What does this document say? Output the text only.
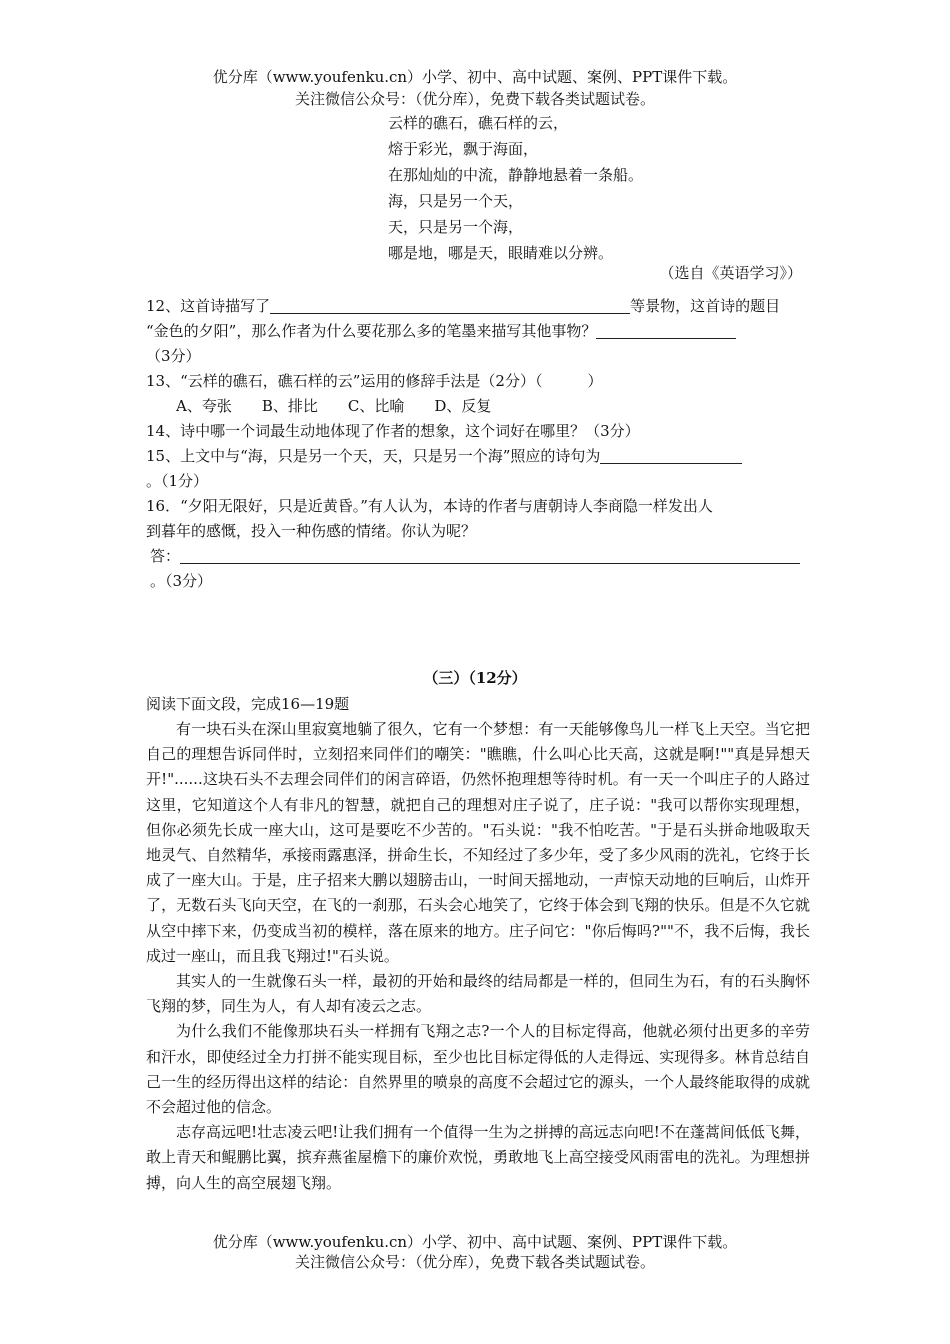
优分库（www.youfenku.cn）小学、初中、高中试题、案例、PPT课件下载。
关注微信公众号：（优分库），免费下载各类试题试卷。
云样的礁石，礁石样的云，
熔于彩光，飘于海面，
在那灿灿的中流，静静地悬着一条船。
海，只是另一个天，
天，只是另一个海，
哪是地，哪是天，眼睛难以分辨。
（选自《英语学习》）
12、这首诗描写了	等景物，这首诗的题目
“金色的夕阳”，那么作者为什么要花那么多的笔墨来描写其他事物？
（3分）
13、“云样的礁石，礁石样的云”运用的修辞手法是（2分）（　　　）
A、夸张　　B、排比　　C、比喻　　D、反复
14、诗中哪一个词最生动地体现了作者的想象，这个词好在哪里？（3分）
15、上文中与“海，只是另一个天，天，只是另一个海”照应的诗句为
。（1分）
16．“夕阳无限好，只是近黄昏。”有人认为，本诗的作者与唐朝诗人李商隐一样发出人
到暮年的感慨，投入一种伤感的情绪。你认为呢？
答：
。（3分）
（三）（12分）
阅读下面文段，完成16—19题

有一块石头在深山里寂寞地躺了很久，它有一个梦想：有一天能够像鸟儿一样飞上天空。当它把自己的理想告诉同伴时，立刻招来同伴们的嘲笑："瞧瞧，什么叫心比天高，这就是啊!""真是异想天开!"......这块石头不去理会同伴们的闲言碎语，仍然怀抱理想等待时机。有一天一个叫庄子的人路过这里，它知道这个人有非凡的智慧，就把自己的理想对庄子说了，庄子说："我可以帮你实现理想，但你必须先长成一座大山，这可是要吃不少苦的。"石头说："我不怕吃苦。"于是石头拼命地吸取天地灵气、自然精华，承接雨露惠泽，拼命生长，不知经过了多少年，受了多少风雨的洗礼，它终于长成了一座大山。于是，庄子招来大鹏以翅膀击山，一时间天摇地动，一声惊天动地的巨响后，山炸开了，无数石头飞向天空，在飞的一刹那，石头会心地笑了，它终于体会到飞翔的快乐。但是不久它就从空中摔下来，仍变成当初的模样，落在原来的地方。庄子问它："你后悔吗?""不，我不后悔，我长成过一座山，而且我飞翔过!"石头说。

其实人的一生就像石头一样，最初的开始和最终的结局都是一样的，但同生为石，有的石头胸怀飞翔的梦，同生为人，有人却有凌云之志。

为什么我们不能像那块石头一样拥有飞翔之志?一个人的目标定得高，他就必须付出更多的辛劳和汗水，即使经过全力打拼不能实现目标，至少也比目标定得低的人走得远、实现得多。林肯总结自己一生的经历得出这样的结论：自然界里的喷泉的高度不会超过它的源头，一个人最终能取得的成就不会超过他的信念。

志存高远吧!壮志凌云吧!让我们拥有一个值得一生为之拼搏的高远志向吧!不在蓬蒿间低低飞舞，敢上青天和鲲鹏比翼，摈弃燕雀屋檐下的廉价欢悦，勇敢地飞上高空接受风雨雷电的洗礼。为理想拼搏，向人生的高空展翅飞翔。

优分库（www.youfenku.cn）小学、初中、高中试题、案例、PPT课件下载。
关注微信公众号：（优分库），免费下载各类试题试卷。
